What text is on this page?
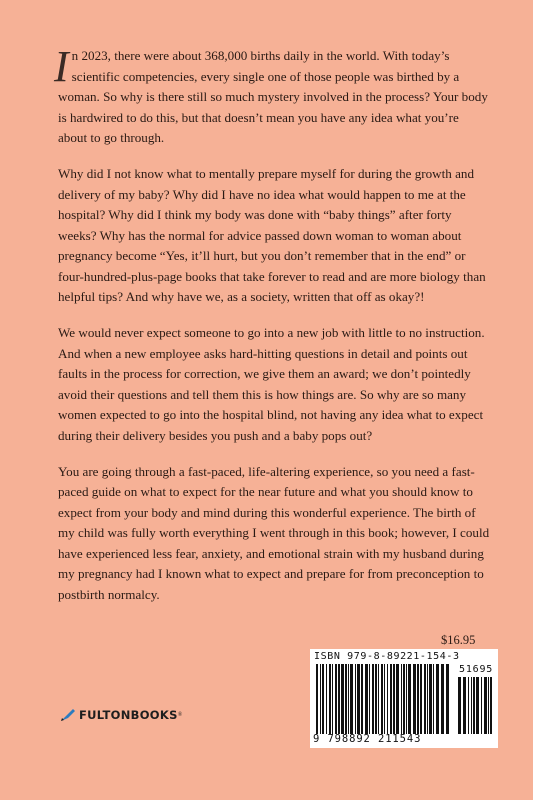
In 2023, there were about 368,000 births daily in the world. With today’s scientific competencies, every single one of those people was birthed by a woman. So why is there still so much mystery involved in the process? Your body is hardwired to do this, but that doesn’t mean you have any idea what you’re about to go through.

Why did I not know what to mentally prepare myself for during the growth and delivery of my baby? Why did I have no idea what would happen to me at the hospital? Why did I think my body was done with “baby things” after forty weeks? Why has the normal for advice passed down woman to woman about pregnancy become “Yes, it’ll hurt, but you don’t remember that in the end” or four-hundred-plus-page books that take forever to read and are more biology than helpful tips? And why have we, as a society, written that off as okay?!

We would never expect someone to go into a new job with little to no instruction. And when a new employee asks hard-hitting questions in detail and points out faults in the process for correction, we give them an award; we don’t pointedly avoid their questions and tell them this is how things are. So why are so many women expected to go into the hospital blind, not having any idea what to expect during their delivery besides you push and a baby pops out?

You are going through a fast-paced, life-altering experience, so you need a fast-paced guide on what to expect for the near future and what you should know to expect from your body and mind during this wonderful experience. The birth of my child was fully worth everything I went through in this book; however, I could have experienced less fear, anxiety, and emotional strain with my husband during my pregnancy had I known what to expect and prepare for from preconception to postbirth normalcy.

$16.95
ISBN 979-8-89221-154-3
51695
9 798892 211543
FULTONBOOKS ®
